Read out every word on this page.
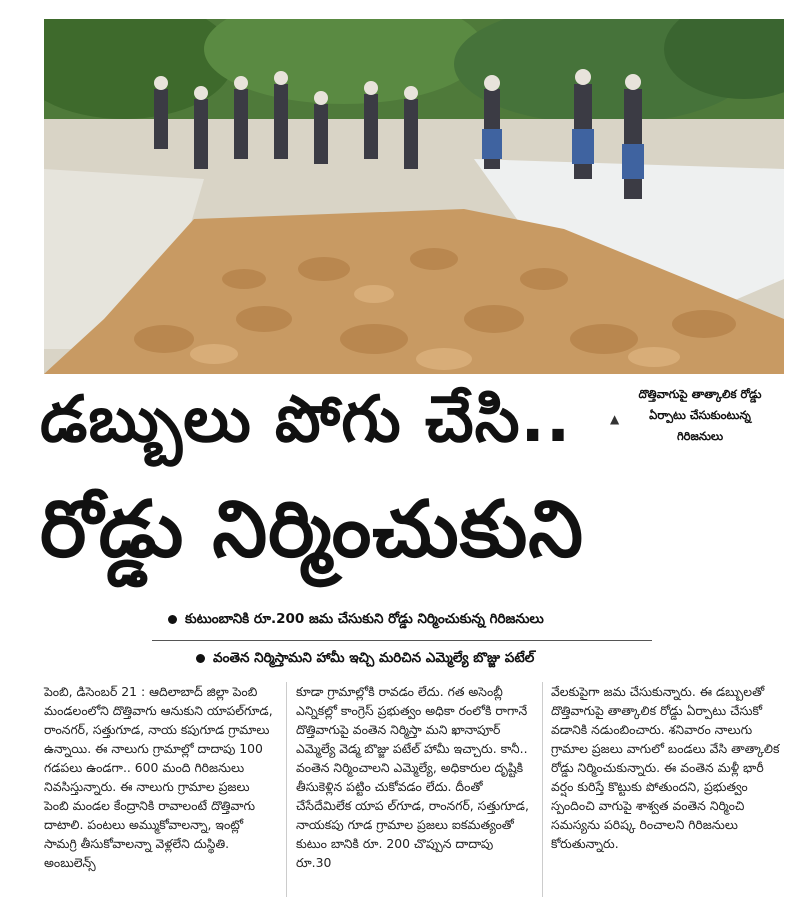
▲
దొత్తివాగుపై తాత్కాలిక రోడ్డు
ఏర్పాటు చేసుకుంటున్న
గిరిజనులు
డబ్బులు పోగు చేసి..
రోడ్డు నిర్మించుకుని
కుటుంబానికి రూ.200 జమ చేసుకుని రోడ్డు నిర్మించుకున్న గిరిజనులు
వంతెన నిర్మిస్తామని హామీ ఇచ్చి మరిచిన ఎమ్మెల్యే బొజ్జు పటేల్

పెంబి, డిసెంబర్ 21 : ఆదిలాబాద్ జిల్లా పెంబి మండలంలోని దొత్తివాగు ఆనుకుని యాపల్‌గూడ, రాంనగర్, సత్తుగూడ, నాయ కపుగూడ గ్రామాలు ఉన్నాయి. ఈ నాలుగు గ్రామాల్లో దాదాపు 100 గడపలు ఉండగా.. 600 మంది గిరిజనులు నివసిస్తున్నారు. ఈ నాలుగు గ్రామాల ప్రజలు పెంబి మండల కేంద్రానికి రావాలంటే దొత్తివాగు దాటాలి. పంటలు అమ్ముకోవాలన్నా, ఇంట్లో సామగ్రి తీసుకోవాలన్నా వెళ్లలేని దుస్థితి. అంబులెన్స్

కూడా గ్రామాల్లోకి రావడం లేదు. గత అసెంబ్లీ ఎన్నికల్లో కాంగ్రెస్ ప్రభుత్వం అధికా రంలోకి రాగానే దొత్తివాగుపై వంతెన నిర్మిస్తా మని ఖానాపూర్ ఎమ్మెల్యే వెడ్మ బొజ్జు పటేల్ హామీ ఇచ్చారు. కానీ.. వంతెన నిర్మించాలని ఎమ్మెల్యే, అధికారుల దృష్టికి తీసుకెళ్లిన పట్టిం చుకోవడం లేదు. దీంతో చేసేదేమిలేక యాప ల్‌గూడ, రాంనగర్, సత్తుగూడ, నాయకపు గూడ గ్రామాల ప్రజలు ఐకమత్యంతో కుటుం బానికి రూ. 200 చొప్పున దాదాపు రూ.30

వేలకుపైగా జమ చేసుకున్నారు. ఈ డబ్బులతో దొత్తివాగుపై తాత్కాలిక రోడ్డు ఏర్పాటు చేసుకో వడానికి నడుంబించారు. శనివారం నాలుగు గ్రామాల ప్రజలు వాగులో బండలు వేసి తాత్కాలిక రోడ్డు నిర్మించుకున్నారు. ఈ వంతెన మళ్లీ భారీ వర్షం కురిస్తే కొట్టుకు పోతుందని, ప్రభుత్వం స్పందించి వాగుపై శాశ్వత వంతెన నిర్మించి సమస్యను పరిష్క రించాలని గిరిజనులు కోరుతున్నారు.
